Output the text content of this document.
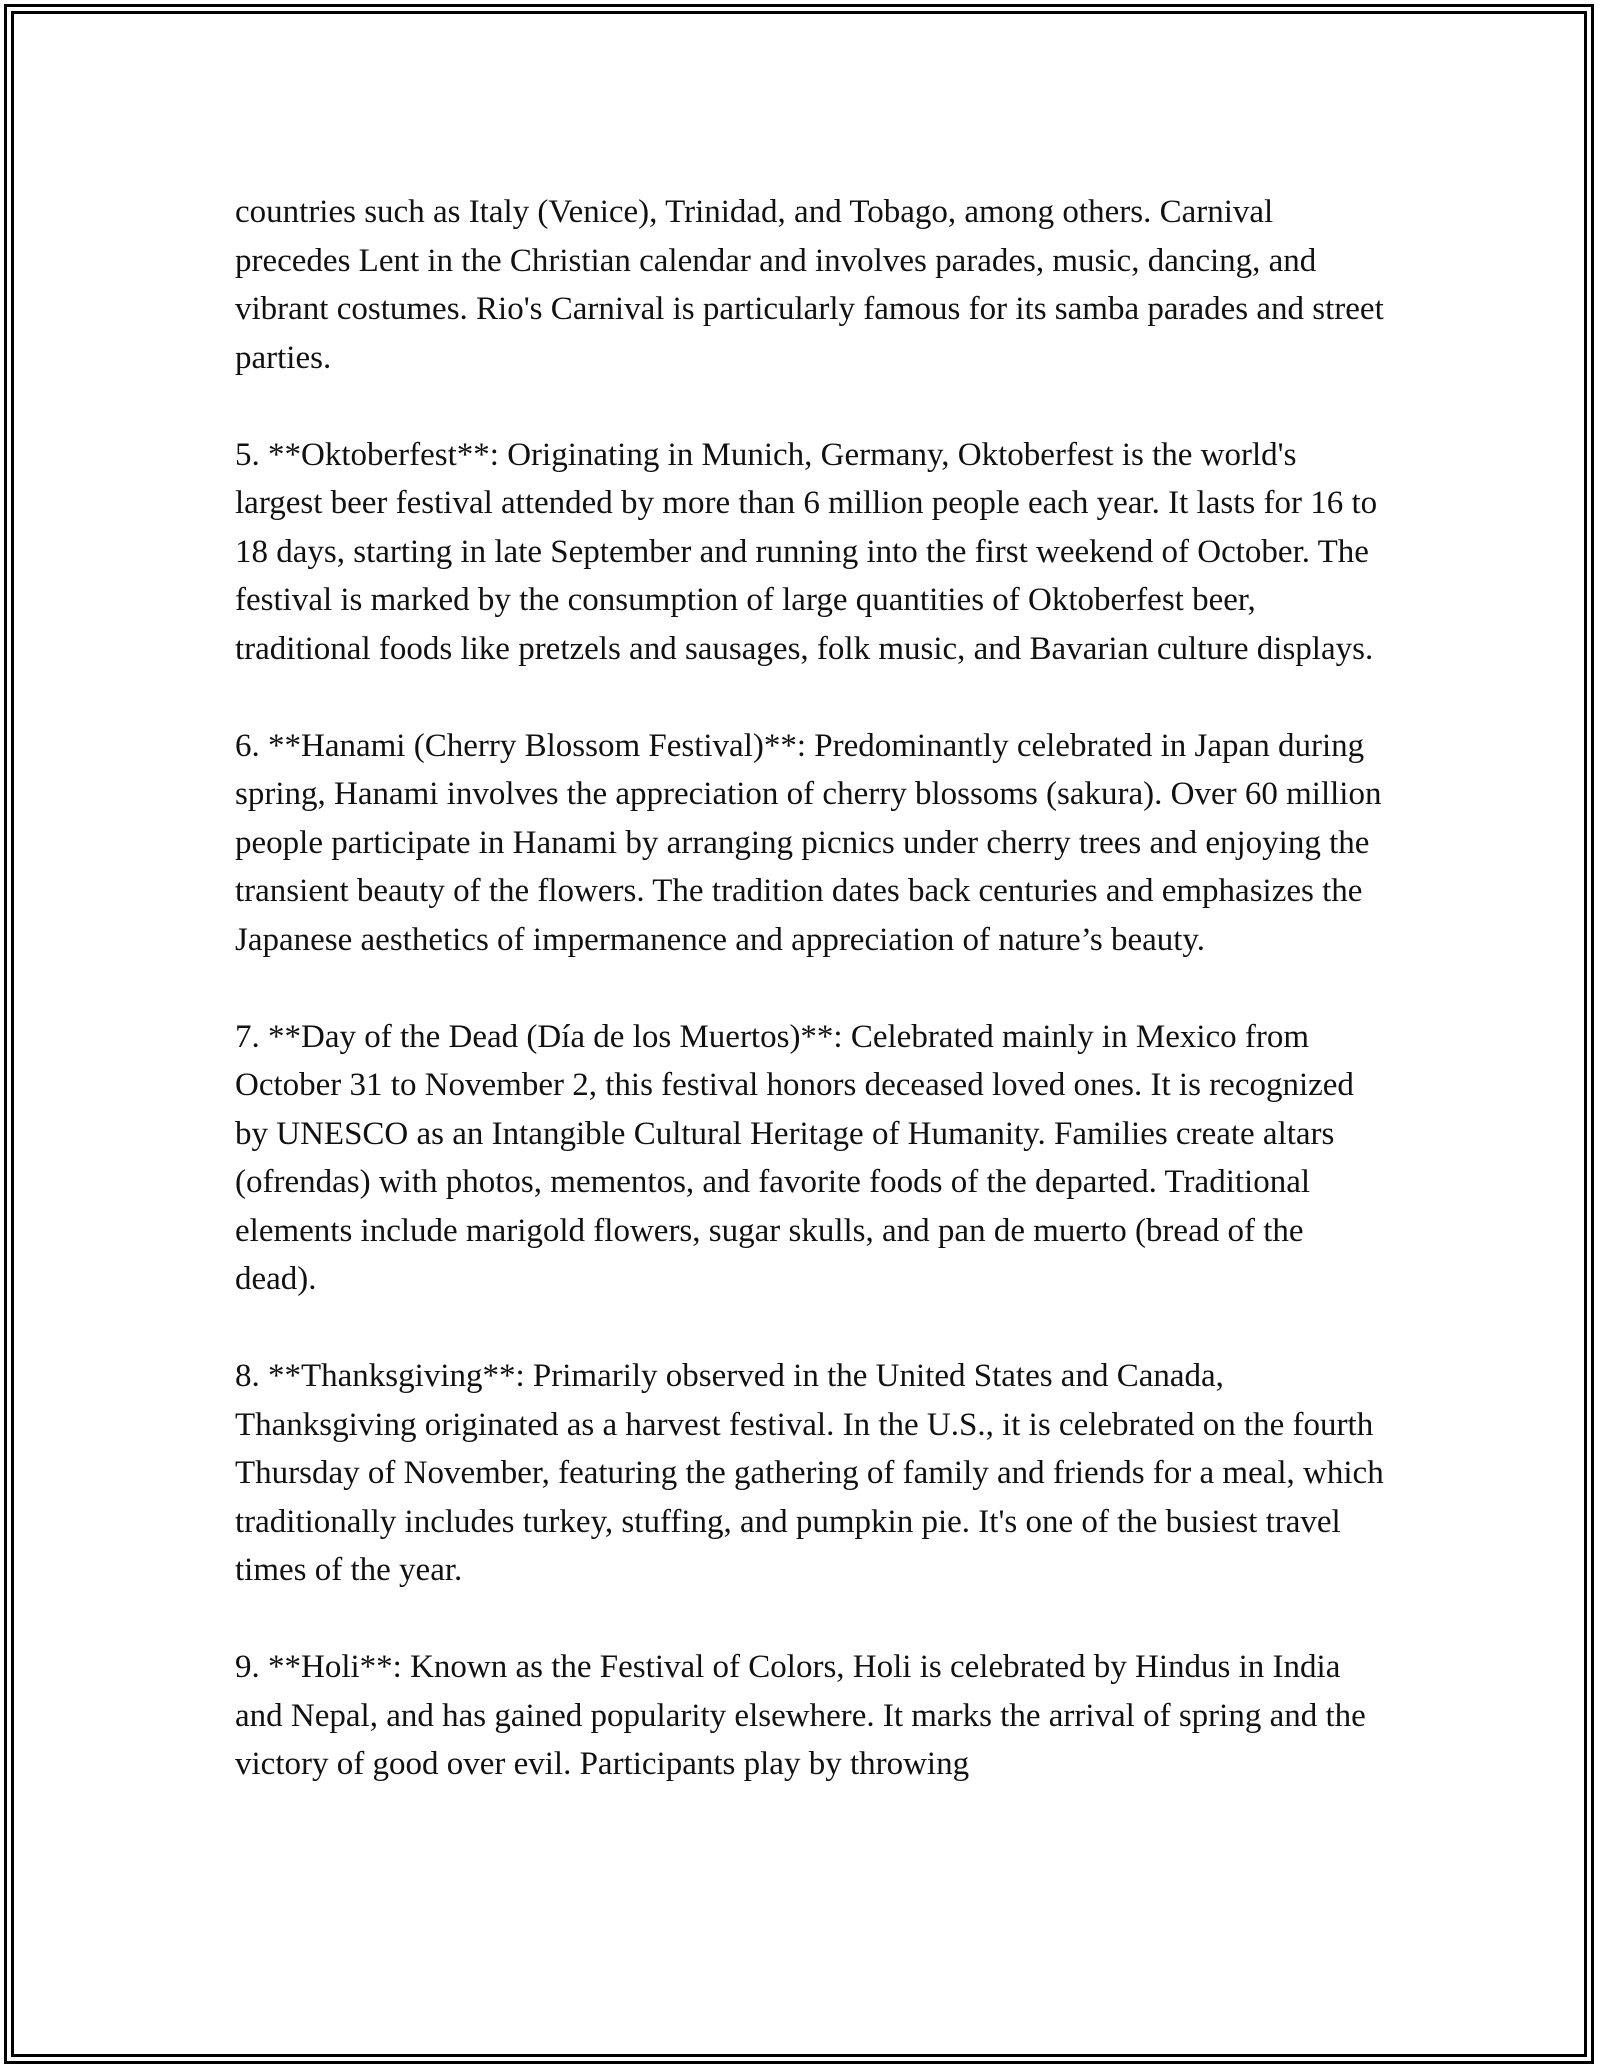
countries such as Italy (Venice), Trinidad, and Tobago, among others. Carnival precedes Lent in the Christian calendar and involves parades, music, dancing, and vibrant costumes. Rio's Carnival is particularly famous for its samba parades and street parties.

5. **Oktoberfest**: Originating in Munich, Germany, Oktoberfest is the world's largest beer festival attended by more than 6 million people each year. It lasts for 16 to 18 days, starting in late September and running into the first weekend of October. The festival is marked by the consumption of large quantities of Oktoberfest beer, traditional foods like pretzels and sausages, folk music, and Bavarian culture displays.

6. **Hanami (Cherry Blossom Festival)**: Predominantly celebrated in Japan during spring, Hanami involves the appreciation of cherry blossoms (sakura). Over 60 million people participate in Hanami by arranging picnics under cherry trees and enjoying the transient beauty of the flowers. The tradition dates back centuries and emphasizes the Japanese aesthetics of impermanence and appreciation of nature’s beauty.

7. **Day of the Dead (Día de los Muertos)**: Celebrated mainly in Mexico from October 31 to November 2, this festival honors deceased loved ones. It is recognized by UNESCO as an Intangible Cultural Heritage of Humanity. Families create altars (ofrendas) with photos, mementos, and favorite foods of the departed. Traditional elements include marigold flowers, sugar skulls, and pan de muerto (bread of the dead).

8. **Thanksgiving**: Primarily observed in the United States and Canada, Thanksgiving originated as a harvest festival. In the U.S., it is celebrated on the fourth Thursday of November, featuring the gathering of family and friends for a meal, which traditionally includes turkey, stuffing, and pumpkin pie. It's one of the busiest travel times of the year.

9. **Holi**: Known as the Festival of Colors, Holi is celebrated by Hindus in India and Nepal, and has gained popularity elsewhere. It marks the arrival of spring and the victory of good over evil. Participants play by throwing
